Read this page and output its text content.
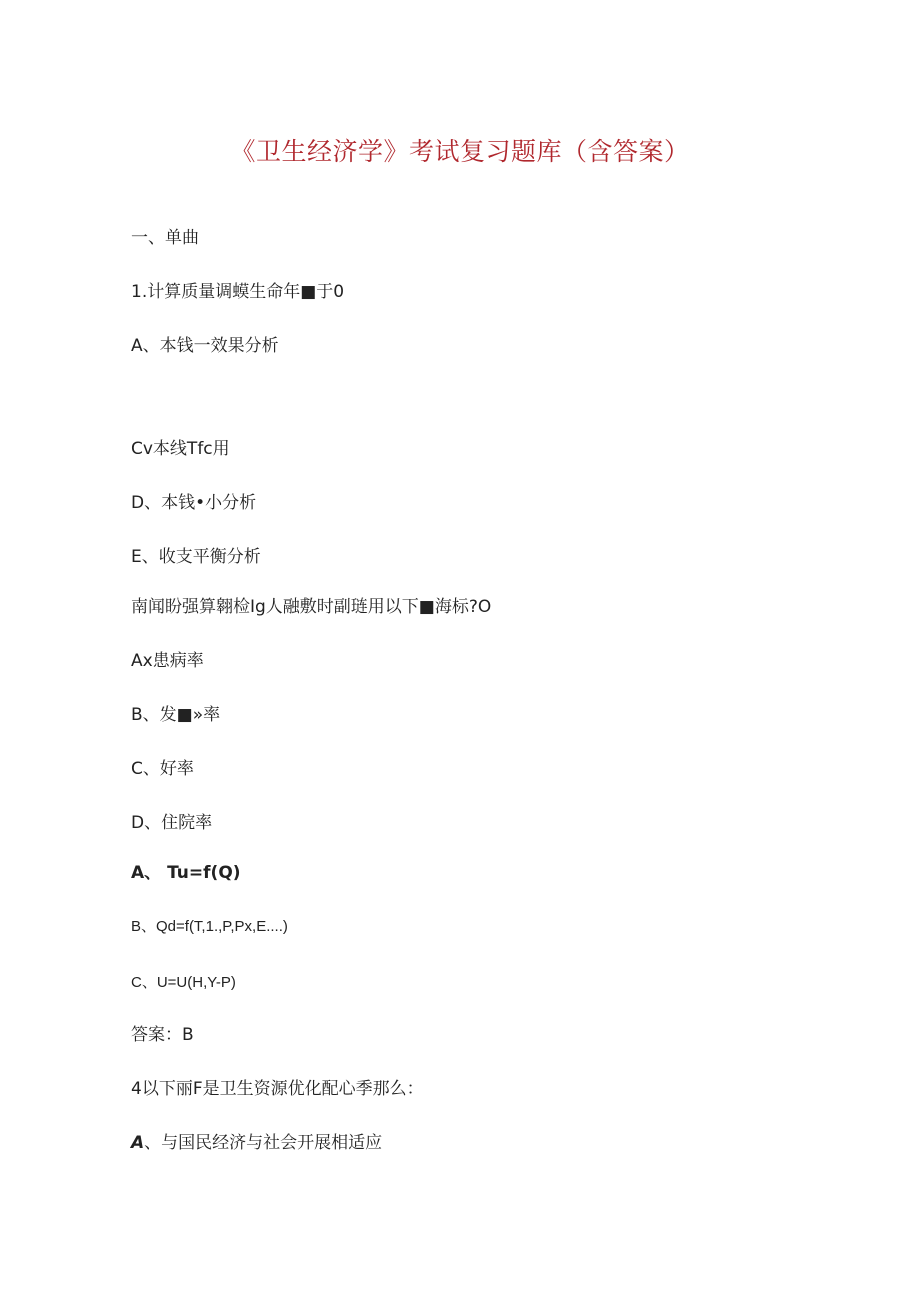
《卫生经济学》考试复习题库（含答案）
一、单曲
1.计算质量调蟆生命年■于0
A、本钱一效果分析
Cv本线Tfc用
D、本钱•小分析
E、收支平衡分析
南闻盼强算翱检Ig人融敷时副琏用以下■海标?O
Ax患病率
B、发■»率
C、好率
D、住院率
A、 Tu=f(Q)
B、Qd=f(T,1.,P,Px,E....)
C、U=U(H,Y-P)
答案：B
4以下丽F是卫生资源优化配心季那么：
A、与国民经济与社会开展相适应
